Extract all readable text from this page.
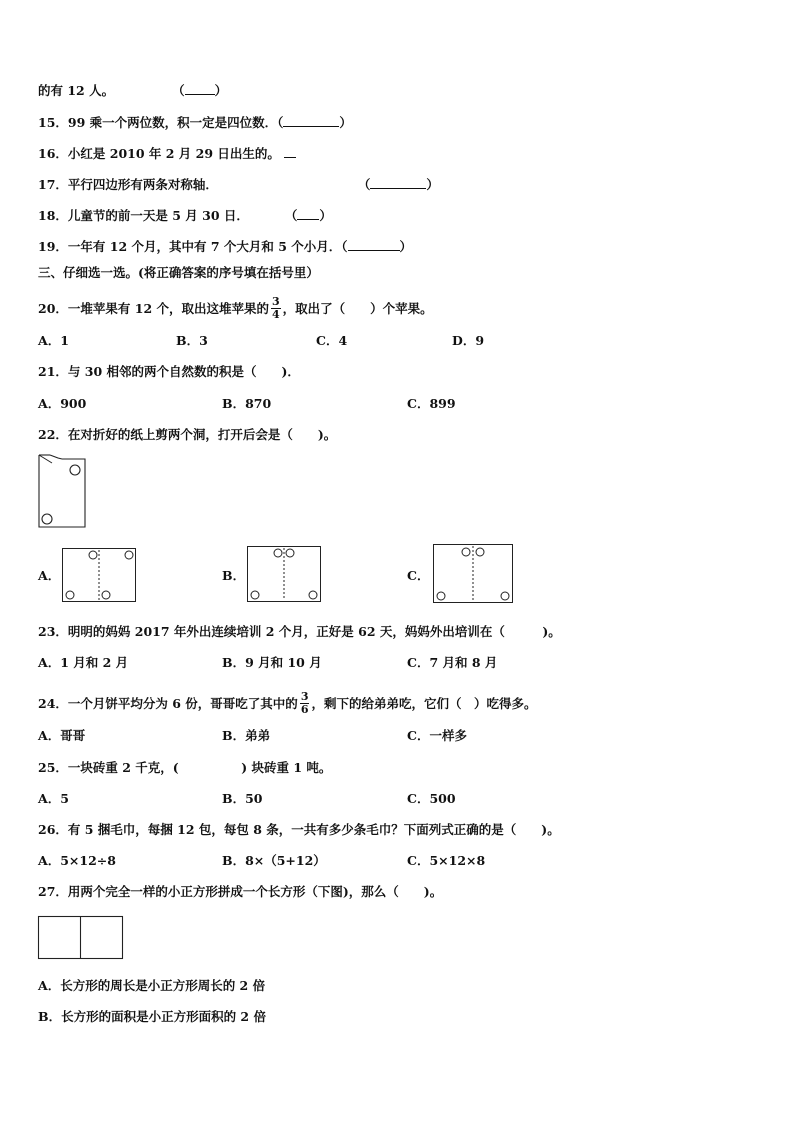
的有 12 人。	（ ）
15．99 乘一个两位数，积一定是四位数．（	）
16．小红是 2010 年 2 月 29 日出生的。
17．平行四边形有两条对称轴．	（	）
18．儿童节的前一天是 5 月 30 日．	（ ）
19．一年有 12 个月，其中有 7 个大月和 5 个小月．（	）
三、仔细选一选。(将正确答案的序号填在括号里）
20．一堆苹果有 12 个，取出这堆苹果的 $\frac{3}{4}$ ，取出了（　　）个苹果。
A．1	B．3	C．4	D．9
21．与 30 相邻的两个自然数的积是（　　)．
A．900	B．870	C．899
22．在对折好的纸上剪两个洞，打开后会是（　　)。
A．	B．	C．
23．明明的妈妈 2017 年外出连续培训 2 个月，正好是 62 天，妈妈外出培训在（　　　)。
A．1 月和 2 月	B．9 月和 10 月	C．7 月和 8 月
24．一个月饼平均分为 6 份，哥哥吃了其中的 $\frac{3}{6}$ ，剩下的给弟弟吃，它们（　）吃得多。
A．哥哥	B．弟弟	C．一样多
25．一块砖重 2 千克，(　　　　　) 块砖重 1 吨。
A．5	B．50	C．500
26．有 5 捆毛巾，每捆 12 包，每包 8 条，一共有多少条毛巾？下面列式正确的是（　　)。
A．5×12÷8	B．8×（5+12）	C．5×12×8
27．用两个完全一样的小正方形拼成一个长方形（下图)，那么（　　)。
A．长方形的周长是小正方形周长的 2 倍
B．长方形的面积是小正方形面积的 2 倍
